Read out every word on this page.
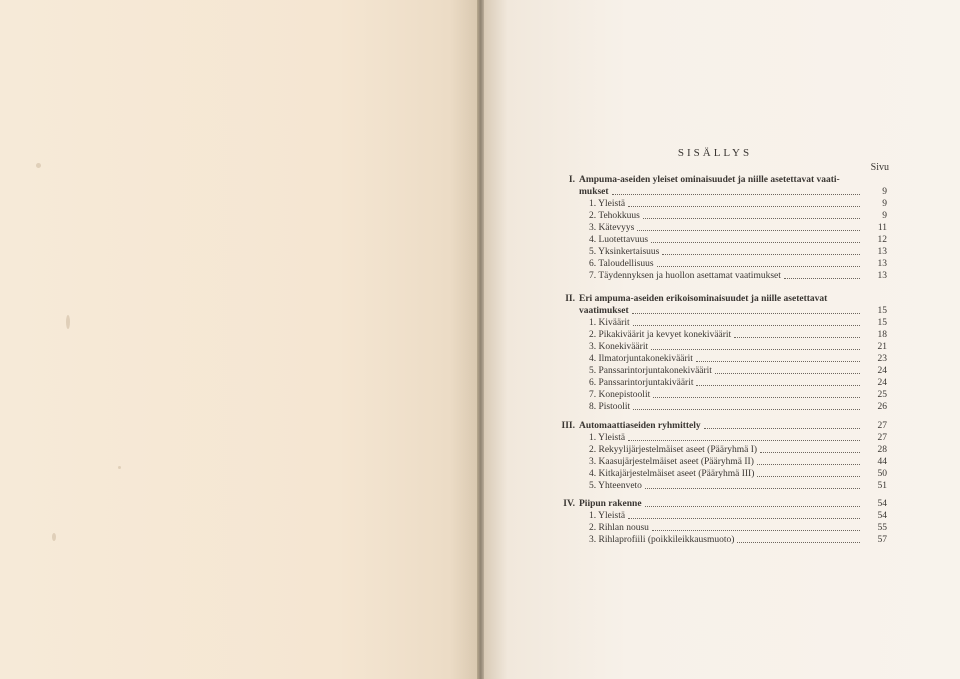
SISÄLLYS
Sivu
I. Ampuma-aseiden yleiset ominaisuudet ja niille asetettavat vaati-
mukset	9
1. Yleistä	9
2. Tehokkuus	9
3. Kätevyys	11
4. Luotettavuus	12
5. Yksinkertaisuus	13
6. Taloudellisuus	13
7. Täydennyksen ja huollon asettamat vaatimukset	13
II. Eri ampuma-aseiden erikoisominaisuudet ja niille asetettavat
vaatimukset	15
1. Kiväärit	15
2. Pikakiväärit ja kevyet konekiväärit	18
3. Konekiväärit	21
4. Ilmatorjuntakonekiväärit	23
5. Panssarintorjuntakonekiväärit	24
6. Panssarintorjuntakiväärit	24
7. Konepistoolit	25
8. Pistoolit	26
III. Automaattiaseiden ryhmittely	27
1. Yleistä	27
2. Rekyylijärjestelmäiset aseet (Pääryhmä I)	28
3. Kaasujärjestelmäiset aseet (Pääryhmä II)	44
4. Kitkajärjestelmäiset aseet (Pääryhmä III)	50
5. Yhteenveto	51
IV. Piipun rakenne	54
1. Yleistä	54
2. Rihlan nousu	55
3. Rihlaprofiili (poikkileikkausmuoto)	57
